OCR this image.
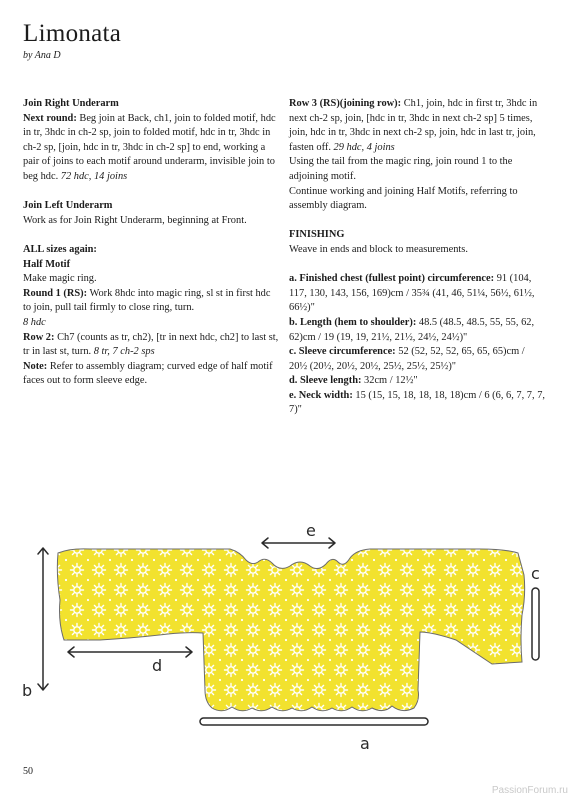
Limonata
by Ana D

Join Right Underarm

Next round: Beg join at Back, ch1, join to folded motif, hdc in tr, 3hdc in ch-2 sp, join to folded motif, hdc in tr, 3hdc in ch-2 sp, [join, hdc in tr, 3hdc in ch-2 sp] to end, working a pair of joins to each motif around underarm, invisible join to beg hdc. 72 hdc, 14 joins

Join Left Underarm

Work as for Join Right Underarm, beginning at Front.

ALL sizes again:

Half Motif

Make magic ring.

Round 1 (RS): Work 8hdc into magic ring, sl st in first hdc to join, pull tail firmly to close ring, turn.

8 hdc

Row 2: Ch7 (counts as tr, ch2), [tr in next hdc, ch2] to last st, tr in last st, turn. 8 tr, 7 ch-2 sps

Note: Refer to assembly diagram; curved edge of half motif faces out to form sleeve edge.

Row 3 (RS)(joining row): Ch1, join, hdc in first tr, 3hdc in next ch-2 sp, join, [hdc in tr, 3hdc in next ch-2 sp] 5 times, join, hdc in tr, 3hdc in next ch-2 sp, join, hdc in last tr, join, fasten off. 29 hdc, 4 joins

Using the tail from the magic ring, join round 1 to the adjoining motif.

Continue working and joining Half Motifs, referring to assembly diagram.

FINISHING

Weave in ends and block to measurements.

a. Finished chest (fullest point) circumference: 91 (104, 117, 130, 143, 156, 169)cm / 35¾ (41, 46, 51¼, 56½, 61½, 66½)"

b. Length (hem to shoulder): 48.5 (48.5, 48.5, 55, 55, 62, 62)cm / 19 (19, 19, 21½, 21½, 24½, 24½)"

c. Sleeve circumference: 52 (52, 52, 52, 65, 65, 65)cm / 20½ (20½, 20½, 20½, 25½, 25½, 25½)"

d. Sleeve length: 32cm / 12½"

e. Neck width: 15 (15, 15, 18, 18, 18, 18)cm / 6 (6, 6, 7, 7, 7, 7)"

e
b
d
c
a
50
PassionForum.ru
